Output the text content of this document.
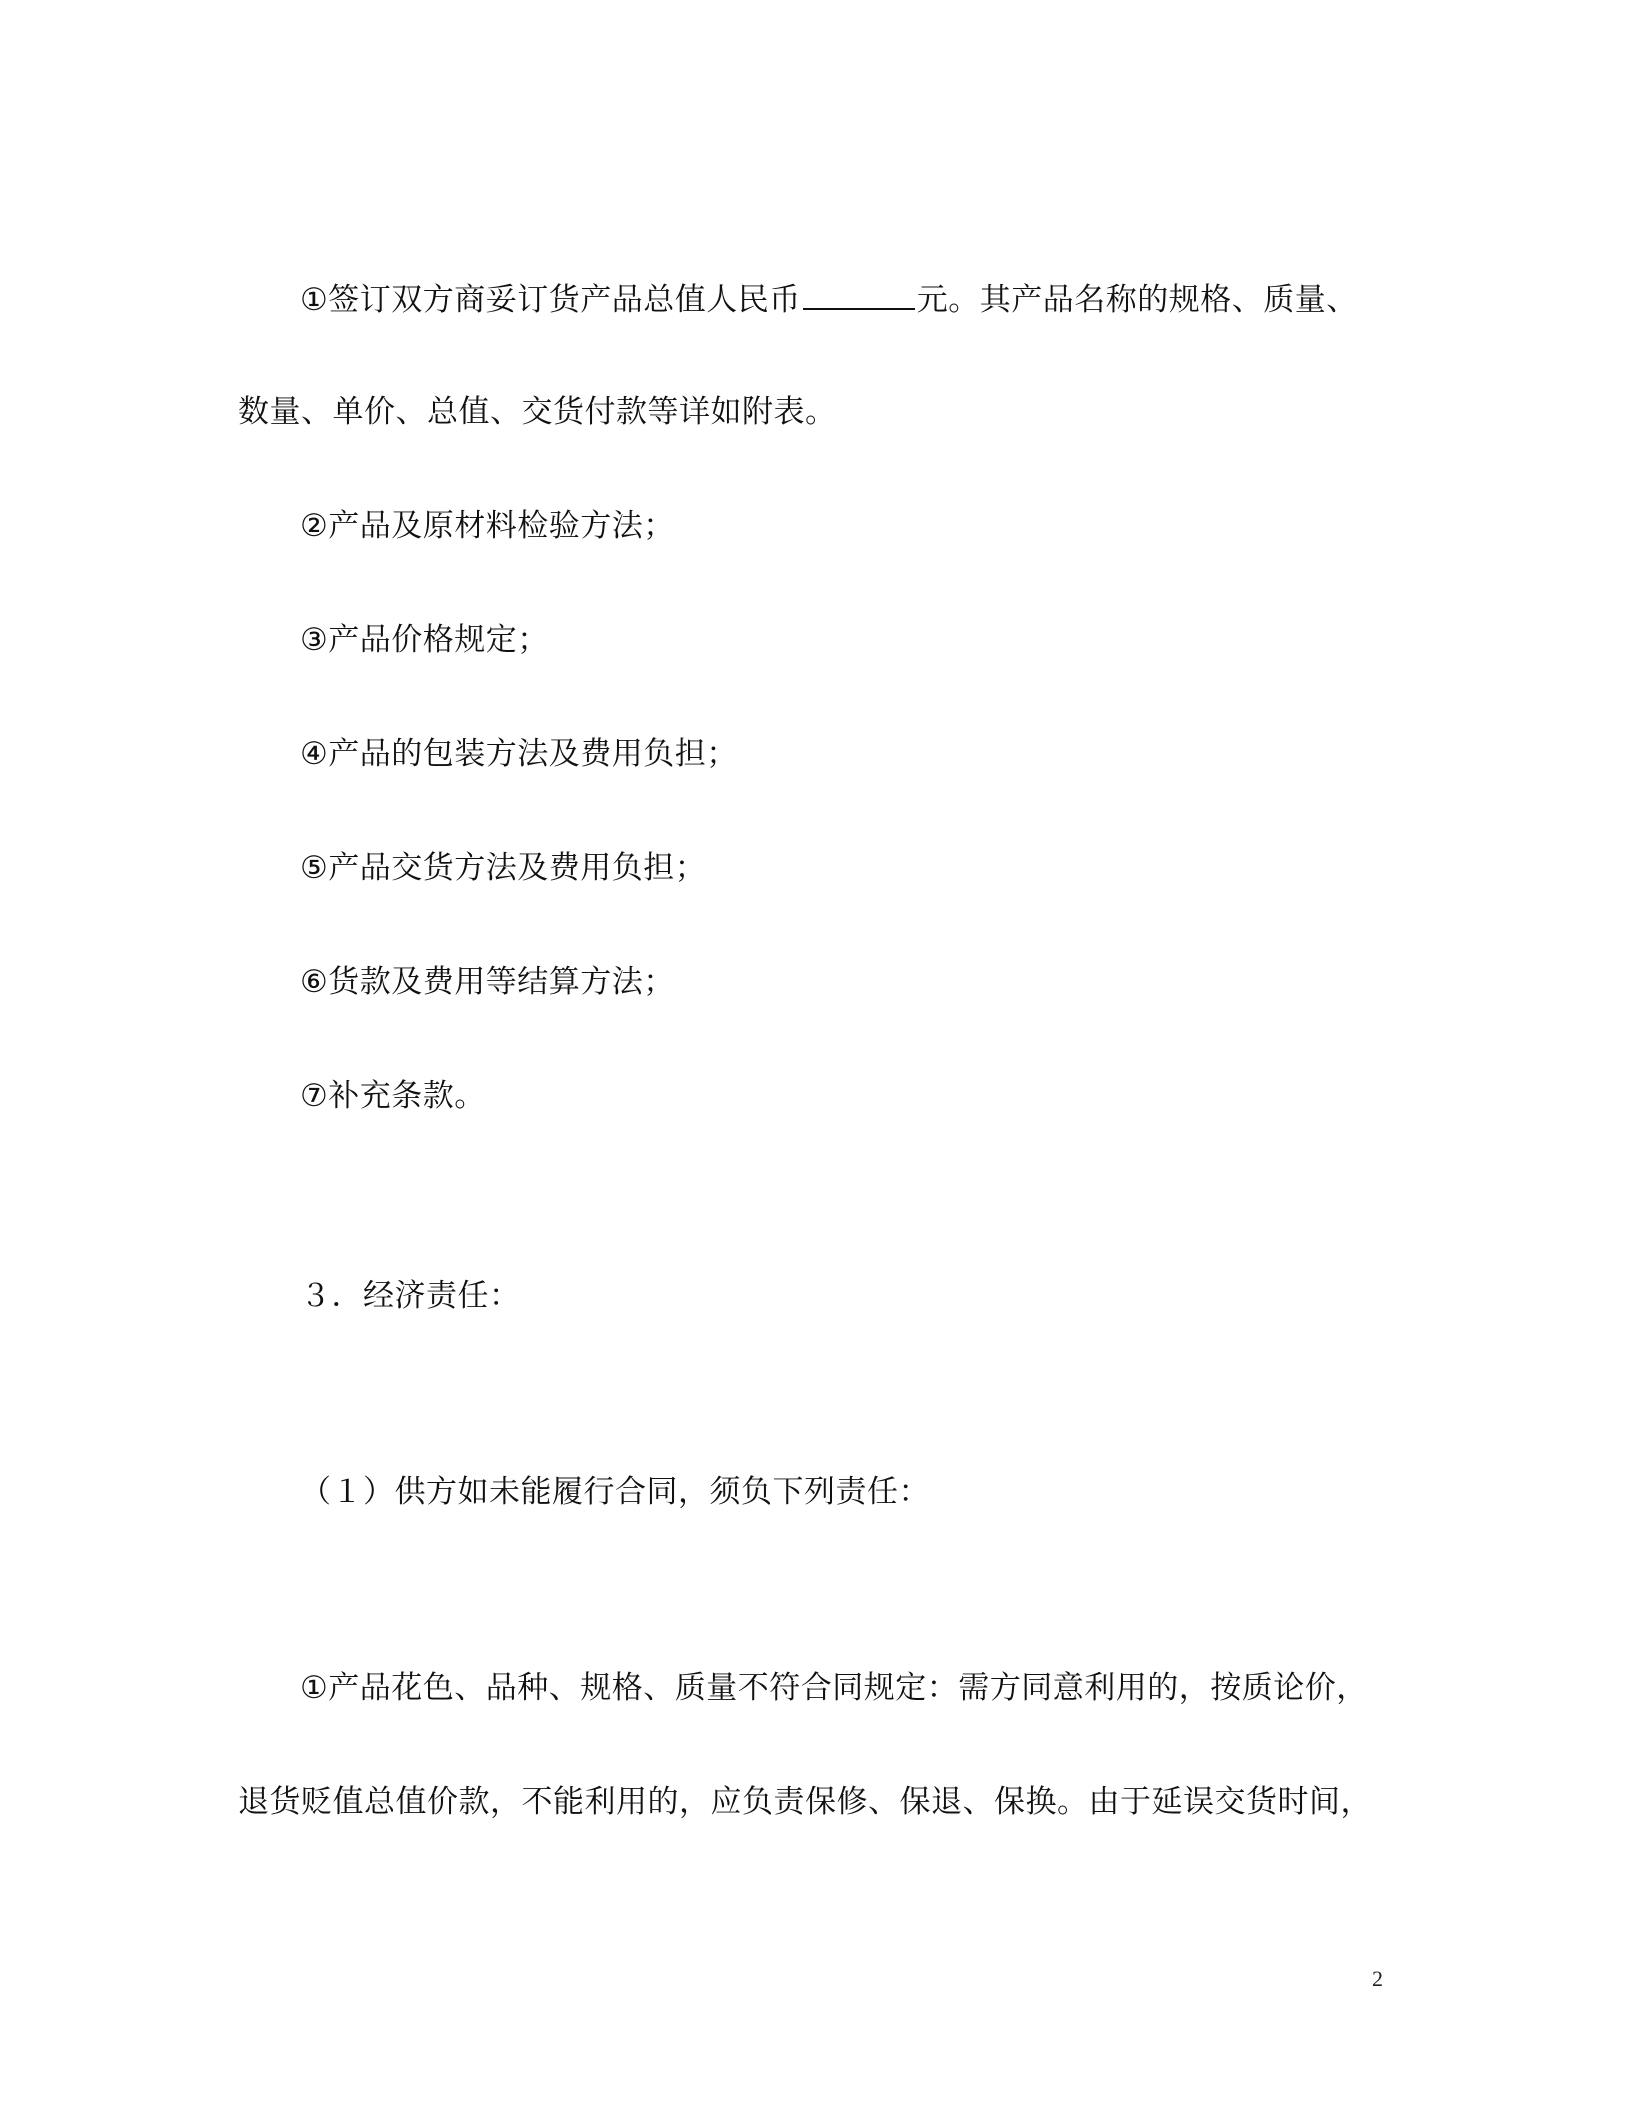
①签订双方商妥订货产品总值人民币	元。其产品名称的规格、质量、
数量、单价、总值、交货付款等详如附表。
②产品及原材料检验方法；
③产品价格规定；
④产品的包装方法及费用负担；
⑤产品交货方法及费用负担；
⑥货款及费用等结算方法；
⑦补充条款。
３．经济责任：
（１）供方如未能履行合同，须负下列责任：
①产品花色、品种、规格、质量不符合同规定：需方同意利用的，按质论价，
退货贬值总值价款，不能利用的，应负责保修、保退、保换。由于延误交货时间，
2
